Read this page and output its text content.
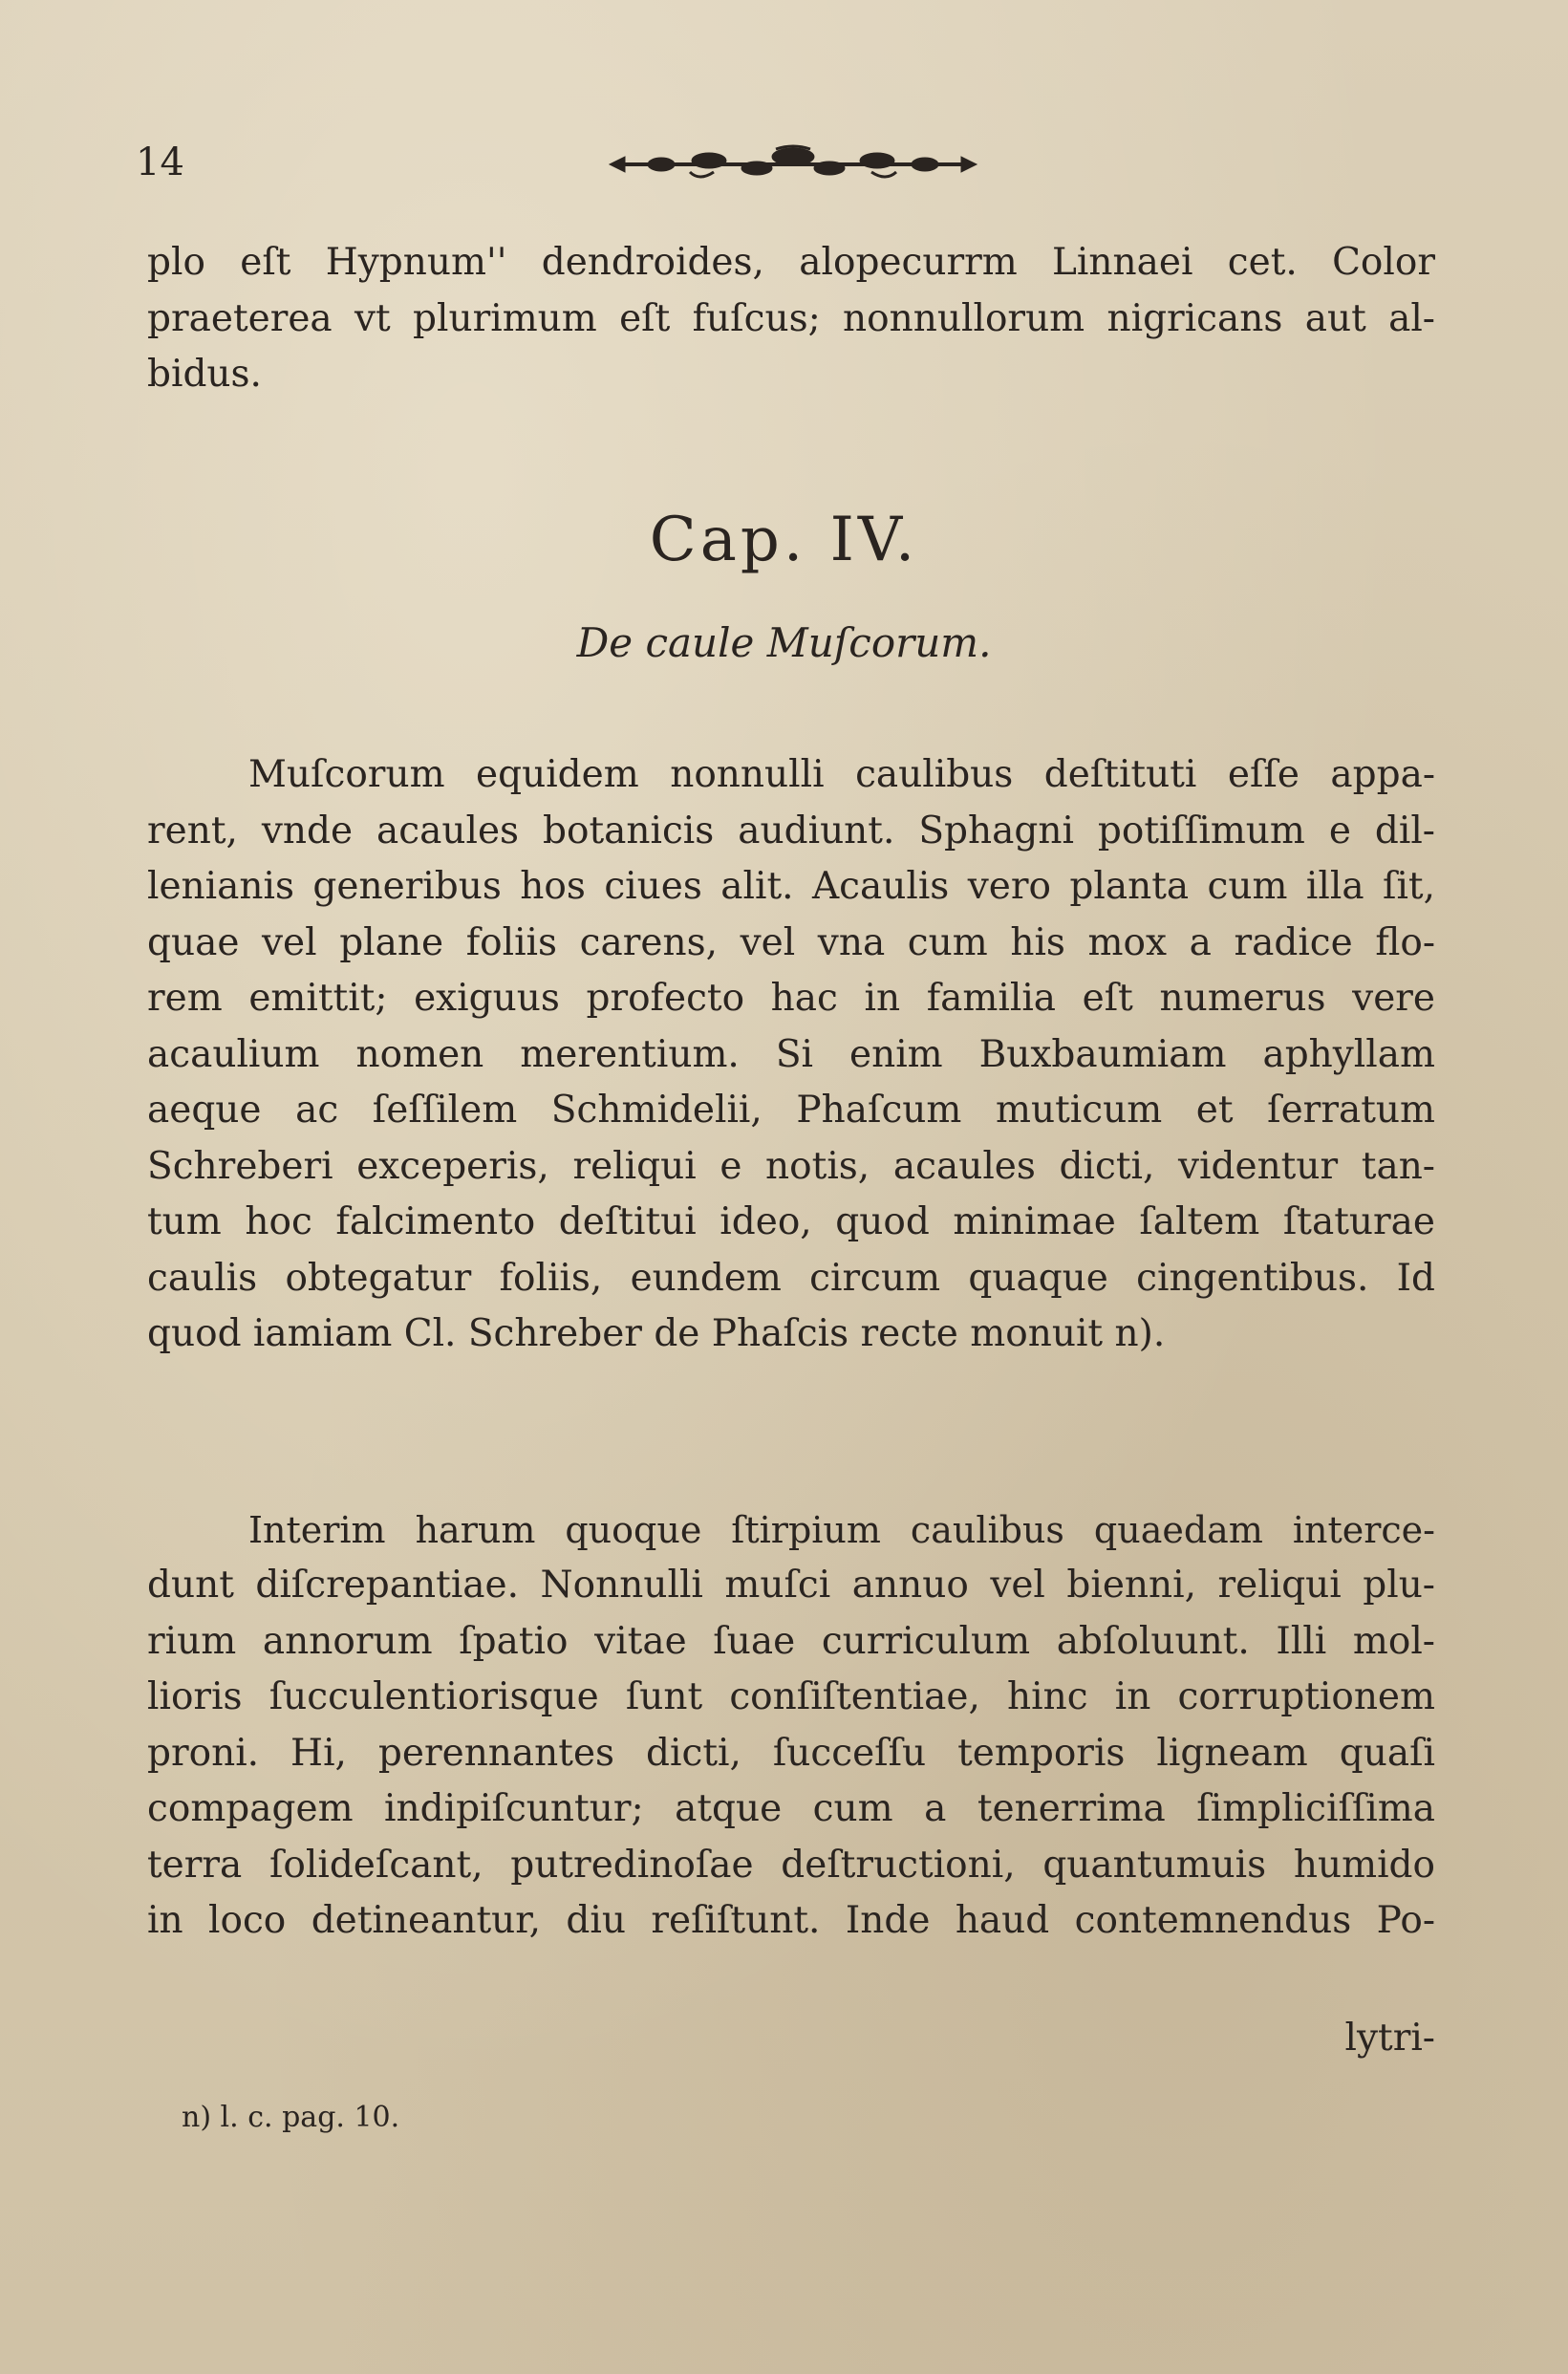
14
plo eſt Hypnum'' dendroides, alopecurrm Linnaei cet. Color
praeterea vt plurimum eſt fuſcus; nonnullorum nigricans aut al-
bidus.
Cap. IV.
De caule Muſcorum.
Muſcorum equidem nonnulli caulibus deſtituti eſſe appa-
rent, vnde acaules botanicis audiunt. Sphagni potiſſimum e dil-
lenianis generibus hos ciues alit. Acaulis vero planta cum illa ſit,
quae vel plane foliis carens, vel vna cum his mox a radice flo-
rem emittit; exiguus profecto hac in familia eſt numerus vere
acaulium nomen merentium. Si enim Buxbaumiam aphyllam
aeque ac ſeſſilem Schmidelii, Phaſcum muticum et ſerratum
Schreberi exceperis, reliqui e notis, acaules dicti, videntur tan-
tum hoc falcimento deſtitui ideo, quod minimae ſaltem ſtaturae
caulis obtegatur foliis, eundem circum quaque cingentibus. Id
quod iamiam Cl. Schreber de Phaſcis recte monuit n).
Interim harum quoque ſtirpium caulibus quaedam interce-
dunt diſcrepantiae. Nonnulli muſci annuo vel bienni, reliqui plu-
rium annorum ſpatio vitae ſuae curriculum abſoluunt. Illi mol-
lioris ſucculentiorisque ſunt conſiſtentiae, hinc in corruptionem
proni. Hi, perennantes dicti, ſucceſſu temporis ligneam quaſi
compagem indipiſcuntur; atque cum a tenerrima ſimpliciſſima
terra ſolideſcant, putredinoſae deſtructioni, quantumuis humido
in loco detineantur, diu reſiſtunt. Inde haud contemnendus Po-
lytri-
n) l. c. pag. 10.
